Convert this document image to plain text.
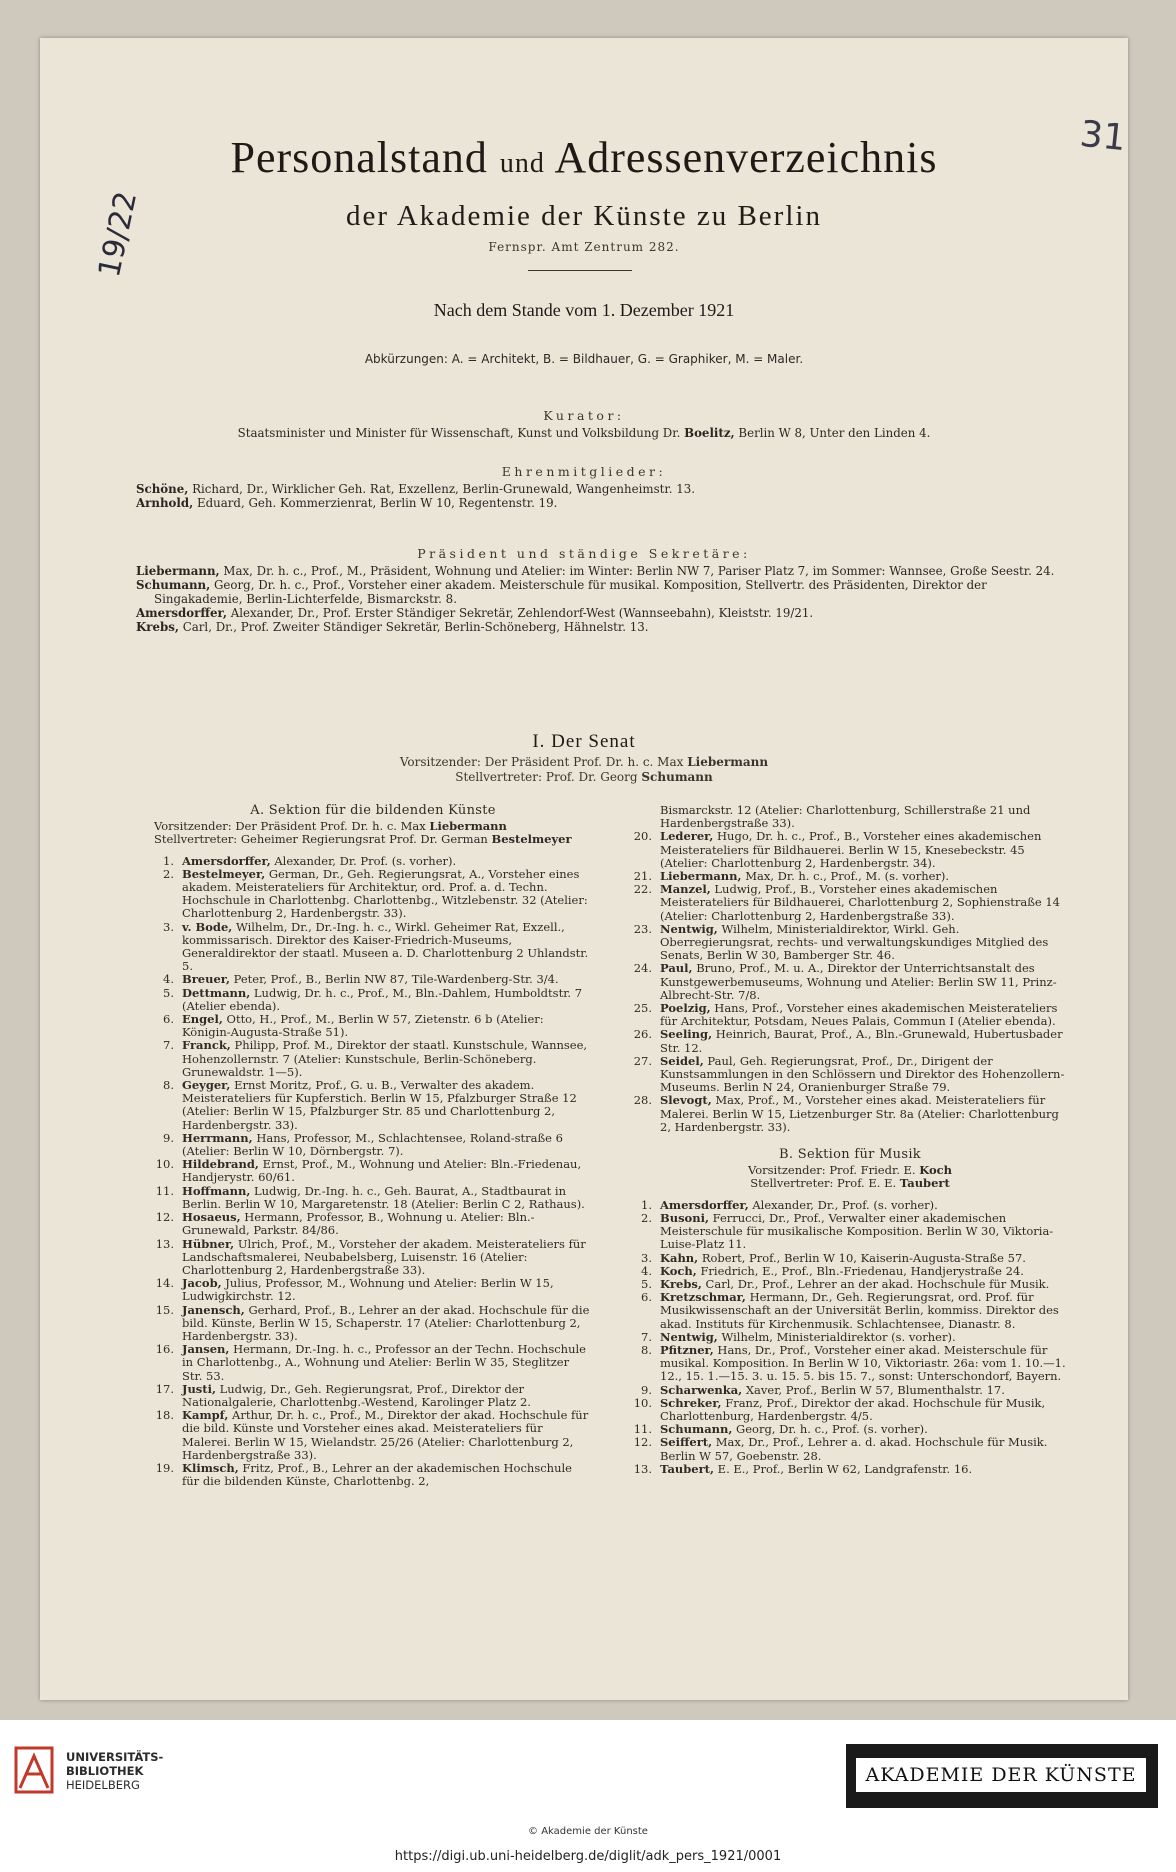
31
19/22
Personalstand und Adressenverzeichnis
der Akademie der Künste zu Berlin
Fernspr. Amt Zentrum 282.
Nach dem Stande vom 1. Dezember 1921
Abkürzungen: A. = Architekt, B. = Bildhauer, G. = Graphiker, M. = Maler.
Kurator:
Staatsminister und Minister für Wissenschaft, Kunst und Volksbildung Dr. Boelitz, Berlin W 8, Unter den Linden 4.
Ehrenmitglieder:

Schöne, Richard, Dr., Wirklicher Geh. Rat, Exzellenz, Berlin-Grunewald, Wangenheimstr. 13.

Arnhold, Eduard, Geh. Kommerzienrat, Berlin W 10, Regentenstr. 19.

Präsident und ständige Sekretäre:

Liebermann, Max, Dr. h. c., Prof., M., Präsident, Wohnung und Atelier: im Winter: Berlin NW 7, Pariser Platz 7, im Sommer: Wannsee, Große Seestr. 24.

Schumann, Georg, Dr. h. c., Prof., Vorsteher einer akadem. Meisterschule für musikal. Komposition, Stellvertr. des Präsidenten, Direktor der Singakademie, Berlin-Lichterfelde, Bismarckstr. 8.

Amersdorffer, Alexander, Dr., Prof. Erster Ständiger Sekretär, Zehlendorf-West (Wannseebahn), Kleiststr. 19/21.

Krebs, Carl, Dr., Prof. Zweiter Ständiger Sekretär, Berlin-Schöneberg, Hähnelstr. 13.

I. Der Senat
Vorsitzender: Der Präsident Prof. Dr. h. c. Max Liebermann
Stellvertreter: Prof. Dr. Georg Schumann
A. Sektion für die bildenden Künste
Vorsitzender: Der Präsident Prof. Dr. h. c. Max Liebermann
Stellvertreter: Geheimer Regierungsrat Prof. Dr. German Bestelmeyer
1. Amersdorffer, Alexander, Dr. Prof. (s. vorher).
2. Bestelmeyer, German, Dr., Geh. Regierungsrat, A., Vorsteher eines akadem. Meisterateliers für Architektur, ord. Prof. a. d. Techn. Hochschule in Charlottenbg. Charlottenbg., Witzlebenstr. 32 (Atelier: Charlottenburg 2, Hardenbergstr. 33).
3. v. Bode, Wilhelm, Dr., Dr.-Ing. h. c., Wirkl. Geheimer Rat, Exzell., kommissarisch. Direktor des Kaiser-Friedrich-Museums, Generaldirektor der staatl. Museen a. D. Charlottenburg 2 Uhlandstr. 5.
4. Breuer, Peter, Prof., B., Berlin NW 87, Tile-Wardenberg-Str. 3/4.
5. Dettmann, Ludwig, Dr. h. c., Prof., M., Bln.-Dahlem, Humboldtstr. 7 (Atelier ebenda).
6. Engel, Otto, H., Prof., M., Berlin W 57, Zietenstr. 6 b (Atelier: Königin-Augusta-Straße 51).
7. Franck, Philipp, Prof. M., Direktor der staatl. Kunstschule, Wannsee, Hohenzollernstr. 7 (Atelier: Kunstschule, Berlin-Schöneberg. Grunewaldstr. 1—5).
8. Geyger, Ernst Moritz, Prof., G. u. B., Verwalter des akadem. Meisterateliers für Kupferstich. Berlin W 15, Pfalzburger Straße 12 (Atelier: Berlin W 15, Pfalzburger Str. 85 und Charlottenburg 2, Hardenbergstr. 33).
9. Herrmann, Hans, Professor, M., Schlachtensee, Roland-straße 6 (Atelier: Berlin W 10, Dörnbergstr. 7).
10. Hildebrand, Ernst, Prof., M., Wohnung und Atelier: Bln.-Friedenau, Handjerystr. 60/61.
11. Hoffmann, Ludwig, Dr.-Ing. h. c., Geh. Baurat, A., Stadtbaurat in Berlin. Berlin W 10, Margaretenstr. 18 (Atelier: Berlin C 2, Rathaus).
12. Hosaeus, Hermann, Professor, B., Wohnung u. Atelier: Bln.-Grunewald, Parkstr. 84/86.
13. Hübner, Ulrich, Prof., M., Vorsteher der akadem. Meisterateliers für Landschaftsmalerei, Neubabelsberg, Luisenstr. 16 (Atelier: Charlottenburg 2, Hardenbergstraße 33).
14. Jacob, Julius, Professor, M., Wohnung und Atelier: Berlin W 15, Ludwigkirchstr. 12.
15. Janensch, Gerhard, Prof., B., Lehrer an der akad. Hochschule für die bild. Künste, Berlin W 15, Schaperstr. 17 (Atelier: Charlottenburg 2, Hardenbergstr. 33).
16. Jansen, Hermann, Dr.-Ing. h. c., Professor an der Techn. Hochschule in Charlottenbg., A., Wohnung und Atelier: Berlin W 35, Steglitzer Str. 53.
17. Justi, Ludwig, Dr., Geh. Regierungsrat, Prof., Direktor der Nationalgalerie, Charlottenbg.-Westend, Karolinger Platz 2.
18. Kampf, Arthur, Dr. h. c., Prof., M., Direktor der akad. Hochschule für die bild. Künste und Vorsteher eines akad. Meisterateliers für Malerei. Berlin W 15, Wielandstr. 25/26 (Atelier: Charlottenburg 2, Hardenbergstraße 33).
19. Klimsch, Fritz, Prof., B., Lehrer an der akademischen Hochschule für die bildenden Künste, Charlottenbg. 2,
Bismarckstr. 12 (Atelier: Charlottenburg, Schillerstraße 21 und Hardenbergstraße 33).
20. Lederer, Hugo, Dr. h. c., Prof., B., Vorsteher eines akademischen Meisterateliers für Bildhauerei. Berlin W 15, Knesebeckstr. 45 (Atelier: Charlottenburg 2, Hardenbergstr. 34).
21. Liebermann, Max, Dr. h. c., Prof., M. (s. vorher).
22. Manzel, Ludwig, Prof., B., Vorsteher eines akademischen Meisterateliers für Bildhauerei, Charlottenburg 2, Sophienstraße 14 (Atelier: Charlottenburg 2, Hardenbergstraße 33).
23. Nentwig, Wilhelm, Ministerialdirektor, Wirkl. Geh. Oberregierungsrat, rechts- und verwaltungskundiges Mitglied des Senats, Berlin W 30, Bamberger Str. 46.
24. Paul, Bruno, Prof., M. u. A., Direktor der Unterrichtsanstalt des Kunstgewerbemuseums, Wohnung und Atelier: Berlin SW 11, Prinz-Albrecht-Str. 7/8.
25. Poelzig, Hans, Prof., Vorsteher eines akademischen Meisterateliers für Architektur, Potsdam, Neues Palais, Commun I (Atelier ebenda).
26. Seeling, Heinrich, Baurat, Prof., A., Bln.-Grunewald, Hubertusbader Str. 12.
27. Seidel, Paul, Geh. Regierungsrat, Prof., Dr., Dirigent der Kunstsammlungen in den Schlössern und Direktor des Hohenzollern-Museums. Berlin N 24, Oranienburger Straße 79.
28. Slevogt, Max, Prof., M., Vorsteher eines akad. Meisterateliers für Malerei. Berlin W 15, Lietzenburger Str. 8a (Atelier: Charlottenburg 2, Hardenbergstr. 33).
B. Sektion für Musik
Vorsitzender: Prof. Friedr. E. Koch
Stellvertreter: Prof. E. E. Taubert
1. Amersdorffer, Alexander, Dr., Prof. (s. vorher).
2. Busoni, Ferrucci, Dr., Prof., Verwalter einer akademischen Meisterschule für musikalische Komposition. Berlin W 30, Viktoria-Luise-Platz 11.
3. Kahn, Robert, Prof., Berlin W 10, Kaiserin-Augusta-Straße 57.
4. Koch, Friedrich, E., Prof., Bln.-Friedenau, Handjerystraße 24.
5. Krebs, Carl, Dr., Prof., Lehrer an der akad. Hochschule für Musik.
6. Kretzschmar, Hermann, Dr., Geh. Regierungsrat, ord. Prof. für Musikwissenschaft an der Universität Berlin, kommiss. Direktor des akad. Instituts für Kirchenmusik. Schlachtensee, Dianastr. 8.
7. Nentwig, Wilhelm, Ministerialdirektor (s. vorher).
8. Pfitzner, Hans, Dr., Prof., Vorsteher einer akad. Meisterschule für musikal. Komposition. In Berlin W 10, Viktoriastr. 26a: vom 1. 10.—1. 12., 15. 1.—15. 3. u. 15. 5. bis 15. 7., sonst: Unterschondorf, Bayern.
9. Scharwenka, Xaver, Prof., Berlin W 57, Blumenthalstr. 17.
10. Schreker, Franz, Prof., Direktor der akad. Hochschule für Musik, Charlottenburg, Hardenbergstr. 4/5.
11. Schumann, Georg, Dr. h. c., Prof. (s. vorher).
12. Seiffert, Max, Dr., Prof., Lehrer a. d. akad. Hochschule für Musik. Berlin W 57, Goebenstr. 28.
13. Taubert, E. E., Prof., Berlin W 62, Landgrafenstr. 16.
UNIVERSITÄTS-
BIBLIOTHEK
HEIDELBERG	AKADEMIE DER KÜNSTE
© Akademie der Künste
https://digi.ub.uni-heidelberg.de/diglit/adk_pers_1921/0001
